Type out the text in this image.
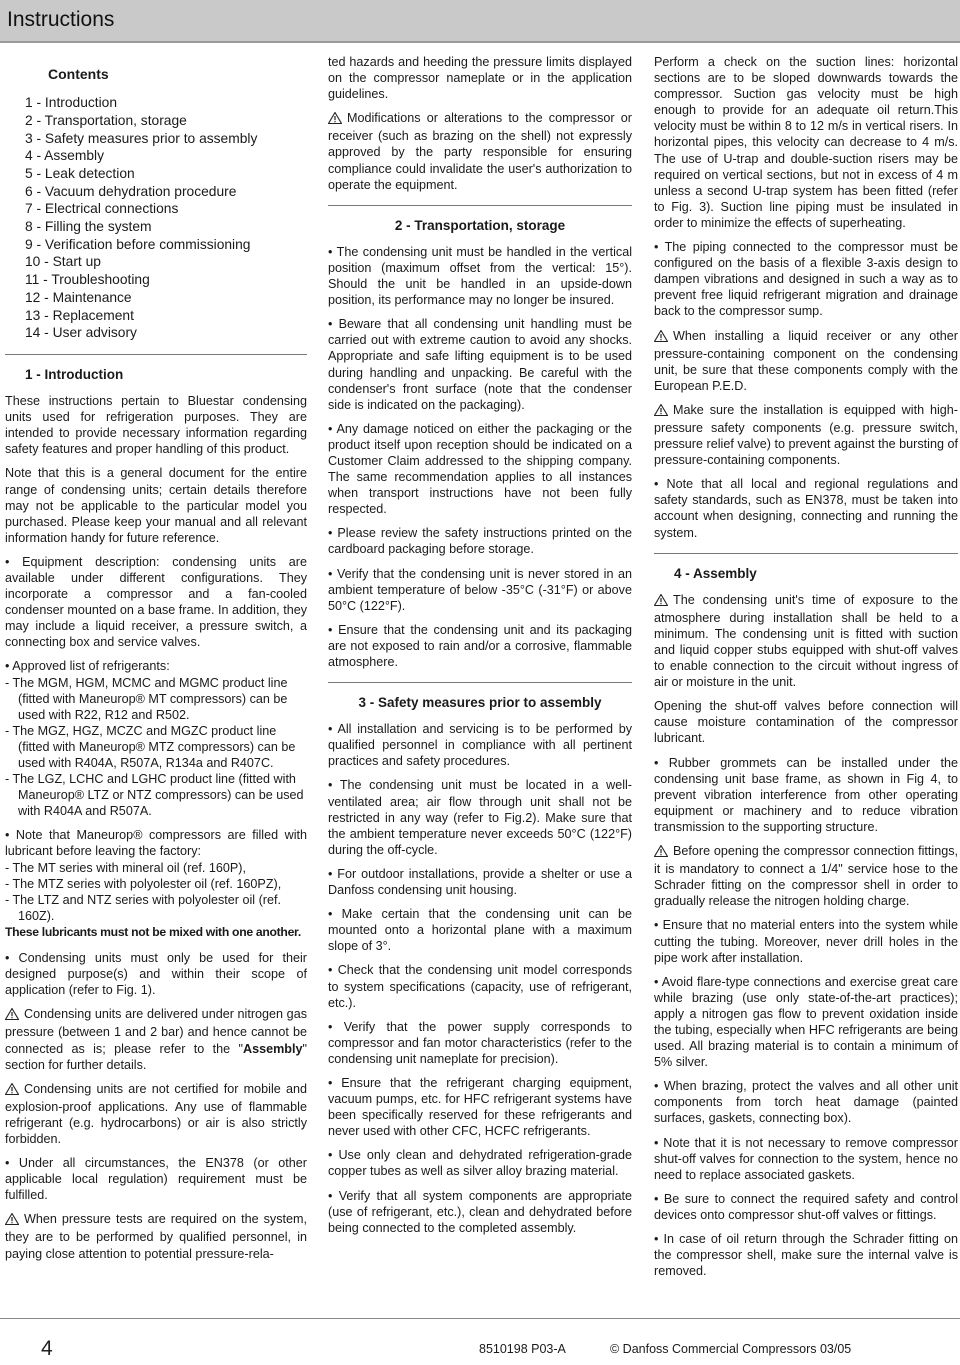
Instructions
Contents
1 - Introduction
2 - Transportation, storage
3 - Safety measures prior to assembly
4 - Assembly
5 - Leak detection
6 - Vacuum dehydration procedure
7 - Electrical connections
8 - Filling the system
9 - Verification before commissioning
10 - Start up
11 - Troubleshooting
12 - Maintenance
13 - Replacement
14 - User advisory
1 - Introduction

These instructions pertain to Bluestar condensing units used for refrigeration purposes. They are intended to provide necessary information regarding safety features and proper handling of this product.

Note that this is a general document for the entire range of condensing units; certain details therefore may not be applicable to the particular model you purchased. Please keep your manual and all relevant information handy for future reference.

• Equipment description: condensing units are available under different configurations. They incorporate a compressor and a fan-cooled condenser mounted on a base frame. In addition, they may include a liquid receiver, a pressure switch, a connecting box and service valves.

• Approved list of refrigerants:

- The MGM, HGM, MCMC and MGMC product line (fitted with Maneurop® MT compressors) can be used with R22, R12 and R502.

- The MGZ, HGZ, MCZC and MGZC product line (fitted with Maneurop® MTZ compressors) can be used with R404A, R507A, R134a and R407C.

- The LGZ, LCHC and LGHC product line (fitted with Maneurop® LTZ or NTZ compressors) can be used with R404A and R507A.

• Note that Maneurop® compressors are filled with lubricant before leaving the factory:

- The MT series with mineral oil (ref. 160P),

- The MTZ series with polyolester oil (ref. 160PZ),

- The LTZ and NTZ series with polyolester oil (ref. 160Z).

These lubricants must not be mixed with one another.

• Condensing units must only be used for their designed purpose(s) and within their scope of application (refer to Fig. 1).

Condensing units are delivered under nitrogen gas pressure (between 1 and 2 bar) and hence cannot be connected as is; please refer to the "Assembly" section for further details.

Condensing units are not certified for mobile and explosion-proof applications. Any use of flammable refrigerant (e.g. hydrocarbons) or air is also strictly forbidden.

• Under all circumstances, the EN378 (or other applicable local regulation) requirement must be fulfilled.

When pressure tests are required on the system, they are to be performed by qualified personnel, in paying close attention to potential pressure-rela-

ted hazards and heeding the pressure limits displayed on the compressor nameplate or in the application guidelines.

Modifications or alterations to the compressor or receiver (such as brazing on the shell) not expressly approved by the party responsible for ensuring compliance could invalidate the user's authorization to operate the equipment.

2 - Transportation, storage

• The condensing unit must be handled in the vertical position (maximum offset from the vertical: 15°). Should the unit be handled in an upside-down position, its performance may no longer be insured.

• Beware that all condensing unit handling must be carried out with extreme caution to avoid any shocks. Appropriate and safe lifting equipment is to be used during handling and unpacking. Be careful with the condenser's front surface (note that the condenser side is indicated on the packaging).

• Any damage noticed on either the packaging or the product itself upon reception should be indicated on a Customer Claim addressed to the shipping company. The same recommendation applies to all instances when transport instructions have not been fully respected.

• Please review the safety instructions printed on the cardboard packaging before storage.

• Verify that the condensing unit is never stored in an ambient temperature of below -35°C (-31°F) or above 50°C (122°F).

• Ensure that the condensing unit and its packaging are not exposed to rain and/or a corrosive, flammable atmosphere.

3 - Safety measures prior to assembly

• All installation and servicing is to be performed by qualified personnel in compliance with all pertinent practices and safety procedures.

• The condensing unit must be located in a well-ventilated area; air flow through unit shall not be restricted in any way (refer to Fig.2). Make sure that the ambient temperature never exceeds 50°C (122°F) during the off-cycle.

• For outdoor installations, provide a shelter or use a Danfoss condensing unit housing.

• Make certain that the condensing unit can be mounted onto a horizontal plane with a maximum slope of 3°.

• Check that the condensing unit model corresponds to system specifications (capacity, use of refrigerant, etc.).

• Verify that the power supply corresponds to compressor and fan motor characteristics (refer to the condensing unit nameplate for precision).

• Ensure that the refrigerant charging equipment, vacuum pumps, etc. for HFC refrigerant systems have been specifically reserved for these refrigerants and never used with other CFC, HCFC refrigerants.

• Use only clean and dehydrated refrigeration-grade copper tubes as well as silver alloy brazing material.

• Verify that all system components are appropriate (use of refrigerant, etc.), clean and dehydrated before being connected to the completed assembly.

Perform a check on the suction lines: horizontal sections are to be sloped downwards towards the compressor. Suction gas velocity must be high enough to provide for an adequate oil return.This velocity must be within 8 to 12 m/s in vertical risers. In horizontal pipes, this velocity can decrease to 4 m/s. The use of U-trap and double-suction risers may be required on vertical sections, but not in excess of 4 m unless a second U-trap system has been fitted (refer to Fig. 3). Suction line piping must be insulated in order to minimize the effects of superheating.

• The piping connected to the compressor must be configured on the basis of a flexible 3-axis design to dampen vibrations and designed in such a way as to prevent free liquid refrigerant migration and drainage back to the compressor sump.

When installing a liquid receiver or any other pressure-containing component on the condensing unit, be sure that these components comply with the European P.E.D.

Make sure the installation is equipped with high-pressure safety components (e.g. pressure switch, pressure relief valve) to prevent against the bursting of pressure-containing components.

• Note that all local and regional regulations and safety standards, such as EN378, must be taken into account when designing, connecting and running the system.

4 - Assembly

The condensing unit's time of exposure to the atmosphere during installation shall be held to a minimum. The condensing unit is fitted with suction and liquid copper stubs equipped with shut-off valves to enable connection to the circuit without ingress of air or moisture in the unit.

Opening the shut-off valves before connection will cause moisture contamination of the compressor lubricant.

• Rubber grommets can be installed under the condensing unit base frame, as shown in Fig 4, to prevent vibration interference from other operating equipment or machinery and to reduce vibration transmission to the supporting structure.

Before opening the compressor connection fittings, it is mandatory to connect a 1/4" service hose to the Schrader fitting on the compressor shell in order to gradually release the nitrogen holding charge.

• Ensure that no material enters into the system while cutting the tubing. Moreover, never drill holes in the pipe work after installation.

• Avoid flare-type connections and exercise great care while brazing (use only state-of-the-art practices); apply a nitrogen gas flow to prevent oxidation inside the tubing, especially when HFC refrigerants are being used. All brazing material is to contain a minimum of 5% silver.

• When brazing, protect the valves and all other unit components from torch heat damage (painted surfaces, gaskets, connecting box).

• Note that it is not necessary to remove compressor shut-off valves for connection to the system, hence no need to replace associated gaskets.

• Be sure to connect the required safety and control devices onto compressor shut-off valves or fittings.

• In case of oil return through the Schrader fitting on the compressor shell, make sure the internal valve is removed.

4	8510198 P03-A	© Danfoss Commercial Compressors 03/05
